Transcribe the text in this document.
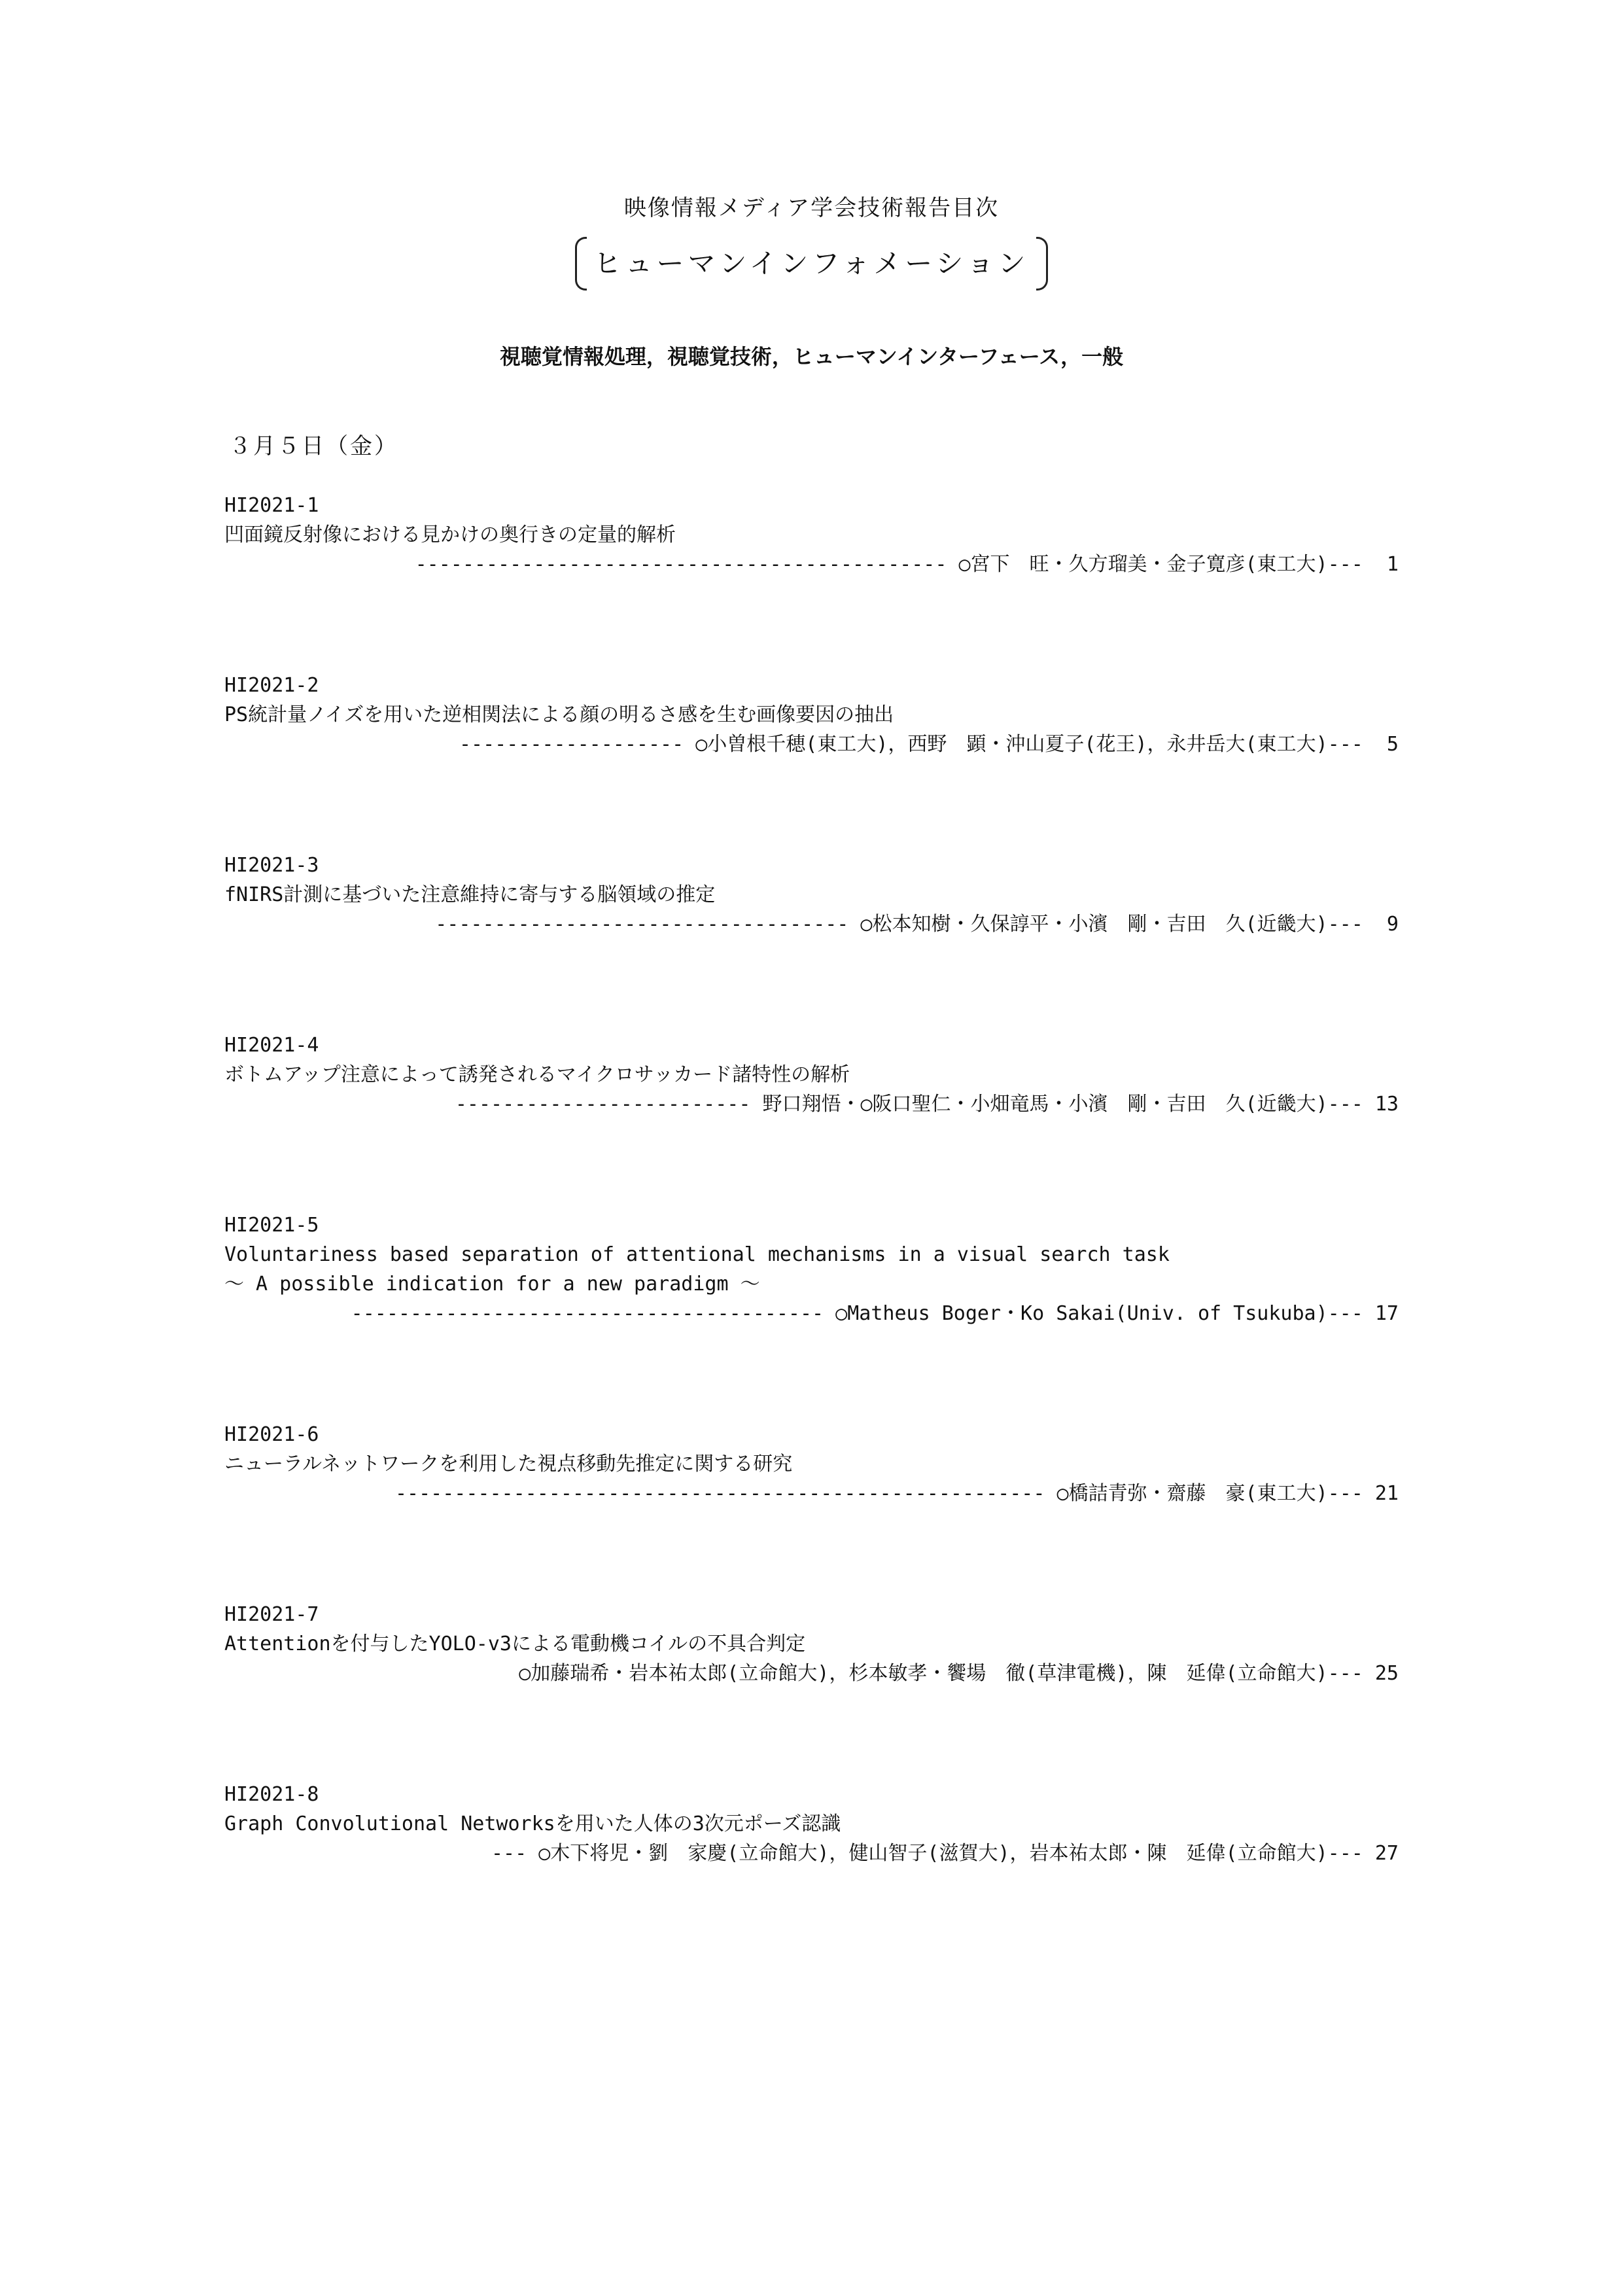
映像情報メディア学会技術報告目次
ヒューマンインフォメーション
視聴覚情報処理，視聴覚技術，ヒューマンインターフェース，一般
３月５日（金）
HI2021-1
凹面鏡反射像における見かけの奥行きの定量的解析
--------------------------------------------- ○宮下　旺・久方瑠美・金子寛彦(東工大)---  1
HI2021-2
PS統計量ノイズを用いた逆相関法による顔の明るさ感を生む画像要因の抽出
------------------- ○小曽根千穂(東工大)，西野　顕・沖山夏子(花王)，永井岳大(東工大)---  5
HI2021-3
fNIRS計測に基づいた注意維持に寄与する脳領域の推定
----------------------------------- ○松本知樹・久保諄平・小濱　剛・吉田　久(近畿大)---  9
HI2021-4
ボトムアップ注意によって誘発されるマイクロサッカード諸特性の解析
------------------------- 野口翔悟・○阪口聖仁・小畑竜馬・小濱　剛・吉田　久(近畿大)--- 13
HI2021-5
Voluntariness based separation of attentional mechanisms in a visual search task
～ A possible indication for a new paradigm ～
---------------------------------------- ○Matheus Boger・Ko Sakai(Univ. of Tsukuba)--- 17
HI2021-6
ニューラルネットワークを利用した視点移動先推定に関する研究
------------------------------------------------------- ○橋詰青弥・齋藤　豪(東工大)--- 21
HI2021-7
Attentionを付与したYOLO-v3による電動機コイルの不具合判定
○加藤瑞希・岩本祐太郎(立命館大)，杉本敏孝・饗場　徹(草津電機)，陳　延偉(立命館大)--- 25
HI2021-8
Graph Convolutional Networksを用いた人体の3次元ポーズ認識
--- ○木下将児・劉　家慶(立命館大)，健山智子(滋賀大)，岩本祐太郎・陳　延偉(立命館大)--- 27
